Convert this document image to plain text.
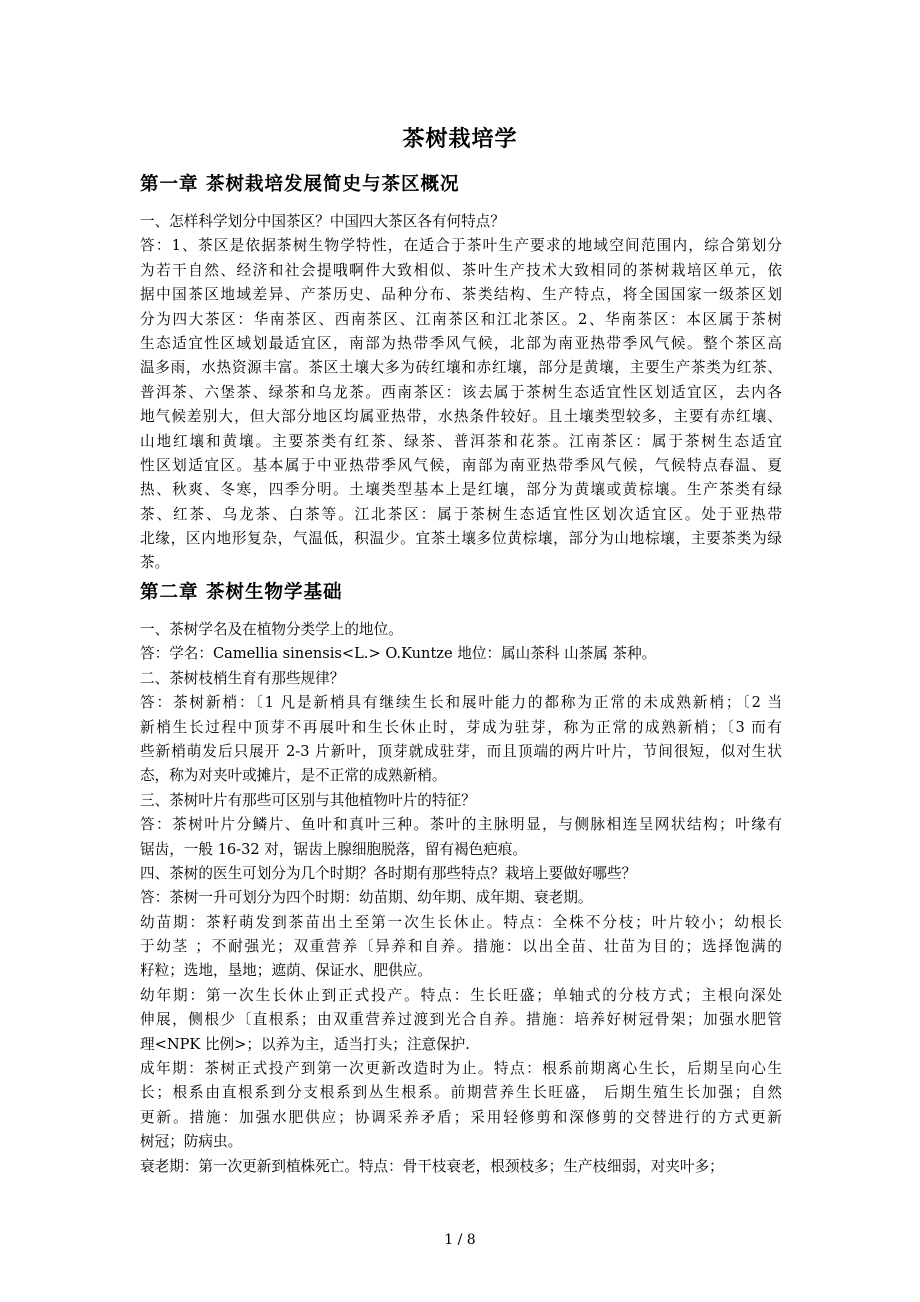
茶树栽培学
第一章 茶树栽培发展简史与茶区概况
一、怎样科学划分中国茶区？中国四大茶区各有何特点？
答：1、茶区是依据茶树生物学特性，在适合于茶叶生产要求的地域空间范围内，综合第划分
为若干自然、经济和社会提哦啊件大致相似、茶叶生产技术大致相同的茶树栽培区单元，依
据中国茶区地域差异、产茶历史、品种分布、茶类结构、生产特点，将全国国家一级茶区划
分为四大茶区：华南茶区、西南茶区、江南茶区和江北茶区。2、华南茶区：本区属于茶树
生态适宜性区域划最适宜区，南部为热带季风气候，北部为南亚热带季风气候。整个茶区高
温多雨，水热资源丰富。茶区土壤大多为砖红壤和赤红壤，部分是黄壤，主要生产茶类为红茶、
普洱茶、六堡茶、绿茶和乌龙茶。西南茶区：该去属于茶树生态适宜性区划适宜区，去内各
地气候差别大，但大部分地区均属亚热带，水热条件较好。且土壤类型较多，主要有赤红壤、
山地红壤和黄壤。主要茶类有红茶、绿茶、普洱茶和花茶。江南茶区：属于茶树生态适宜
性区划适宜区。基本属于中亚热带季风气候，南部为南亚热带季风气候，气候特点春温、夏
热、秋爽、冬寒，四季分明。土壤类型基本上是红壤，部分为黄壤或黄棕壤。生产茶类有绿
茶、红茶、乌龙茶、白茶等。江北茶区：属于茶树生态适宜性区划次适宜区。处于亚热带
北缘，区内地形复杂，气温低，积温少。宜茶土壤多位黄棕壤，部分为山地棕壤，主要茶类为绿
茶。
第二章 茶树生物学基础
一、茶树学名及在植物分类学上的地位。
答：学名：Camellia sinensis<L.> O.Kuntze 地位：属山茶科 山茶属 茶种。
二、茶树枝梢生育有那些规律？
答：茶树新梢：〔1 凡是新梢具有继续生长和展叶能力的都称为正常的未成熟新梢；〔2 当
新梢生长过程中顶芽不再展叶和生长休止时，芽成为驻芽，称为正常的成熟新梢；〔3 而有
些新梢萌发后只展开 2-3 片新叶，顶芽就成驻芽，而且顶端的两片叶片，节间很短，似对生状
态，称为对夹叶或摊片，是不正常的成熟新梢。
三、茶树叶片有那些可区别与其他植物叶片的特征？
答：茶树叶片分鳞片、鱼叶和真叶三种。茶叶的主脉明显，与侧脉相连呈网状结构；叶缘有
锯齿，一般 16-32 对，锯齿上腺细胞脱落，留有褐色疤痕。
四、茶树的医生可划分为几个时期？各时期有那些特点？栽培上要做好哪些？
答：茶树一升可划分为四个时期：幼苗期、幼年期、成年期、衰老期。
幼苗期：茶籽萌发到茶苗出土至第一次生长休止。特点：全株不分枝；叶片较小；幼根长
于幼茎 ；不耐强光；双重营养〔异养和自养。措施：以出全苗、壮苗为目的；选择饱满的
籽粒；选地，垦地；遮荫、保证水、肥供应。
幼年期：第一次生长休止到正式投产。特点：生长旺盛；单轴式的分枝方式；主根向深处
伸展，侧根少〔直根系；由双重营养过渡到光合自养。措施：培养好树冠骨架；加强水肥管
理<NPK 比例>；以养为主，适当打头；注意保护.
成年期：茶树正式投产到第一次更新改造时为止。特点：根系前期离心生长，后期呈向心生
长；根系由直根系到分支根系到丛生根系。前期营养生长旺盛， 后期生殖生长加强；自然
更新。措施：加强水肥供应；协调采养矛盾；采用轻修剪和深修剪的交替进行的方式更新
树冠；防病虫。
衰老期：第一次更新到植株死亡。特点：骨干枝衰老，根颈枝多；生产枝细弱，对夹叶多；
1 / 8
